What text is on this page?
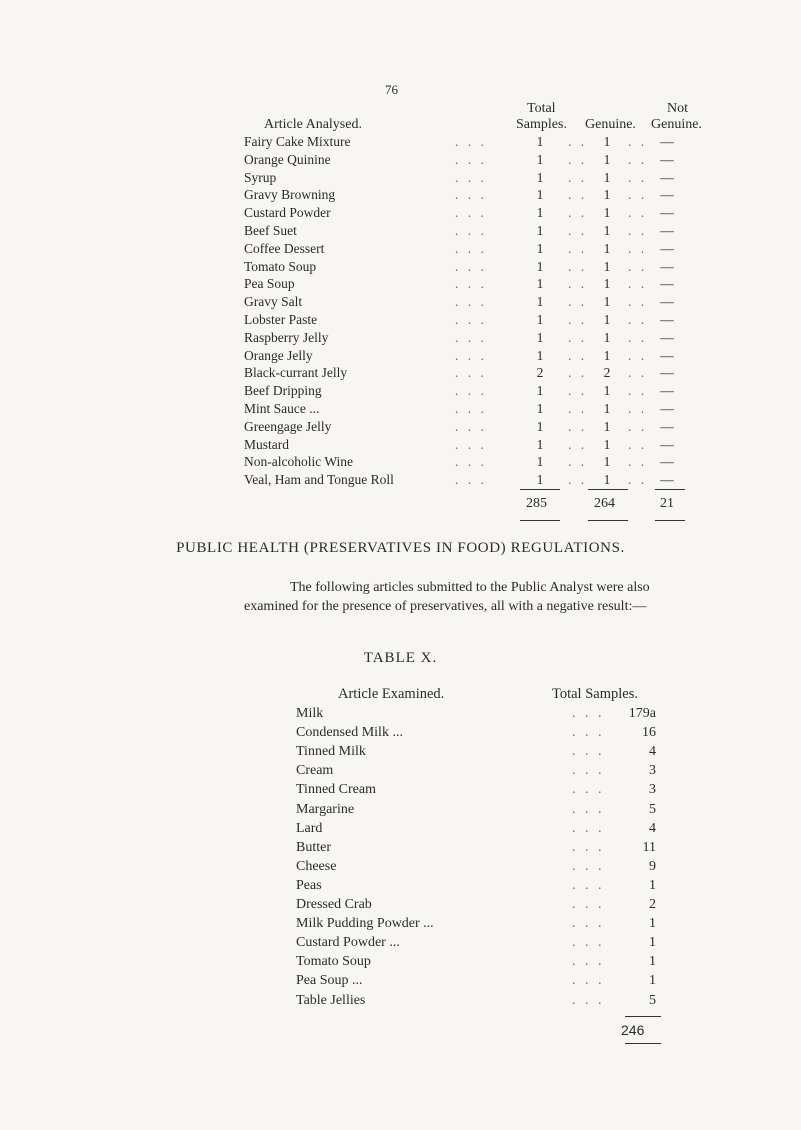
76
Total	Not
Article Analysed.	Samples. Genuine. Genuine.
Fairy Cake Mixture	. . .	1 . . 1 . . —
Orange Quinine	. . .	1 . . 1 . . —
Syrup	. . .	1 . . 1 . . —
Gravy Browning	. . .	1 . . 1 . . —
Custard Powder	. . .	1 . . 1 . . —
Beef Suet	. . .	1 . . 1 . . —
Coffee Dessert	. . .	1 . . 1 . . —
Tomato Soup	. . .	1 . . 1 . . —
Pea Soup	. . .	1 . . 1 . . —
Gravy Salt	. . .	1 . . 1 . . —
Lobster Paste	. . .	1 . . 1 . . —
Raspberry Jelly	. . .	1 . . 1 . . —
Orange Jelly	. . .	1 . . 1 . . —
Black-currant Jelly	. . .	2 . . 2 . . —
Beef Dripping	. . .	1 . . 1 . . —
Mint Sauce ...	. . .	1 . . 1 . . —
Greengage Jelly	. . .	1 . . 1 . . —
Mustard	. . .	1 . . 1 . . —
Non-alcoholic Wine	. . .	1 . . 1 . . —
Veal, Ham and Tongue Roll	. . .	1 . . 1 . . —
285	264	21
PUBLIC HEALTH (PRESERVATIVES IN FOOD) REGULATIONS.
The following articles submitted to the Public Analyst were also
examined for the presence of preservatives, all with a negative result:—
TABLE X.
Article Examined.	Total Samples.
Milk	. . .	179a
Condensed Milk ...	. . .	16
Tinned Milk	. . .	4
Cream	. . .	3
Tinned Cream	. . .	3
Margarine	. . .	5
Lard	. . .	4
Butter	. . .	11
Cheese	. . .	9
Peas	. . .	1
Dressed Crab	. . .	2
Milk Pudding Powder ...	. . .	1
Custard Powder ...	. . .	1
Tomato Soup	. . .	1
Pea Soup ...	. . .	1
Table Jellies	. . .	5
246
